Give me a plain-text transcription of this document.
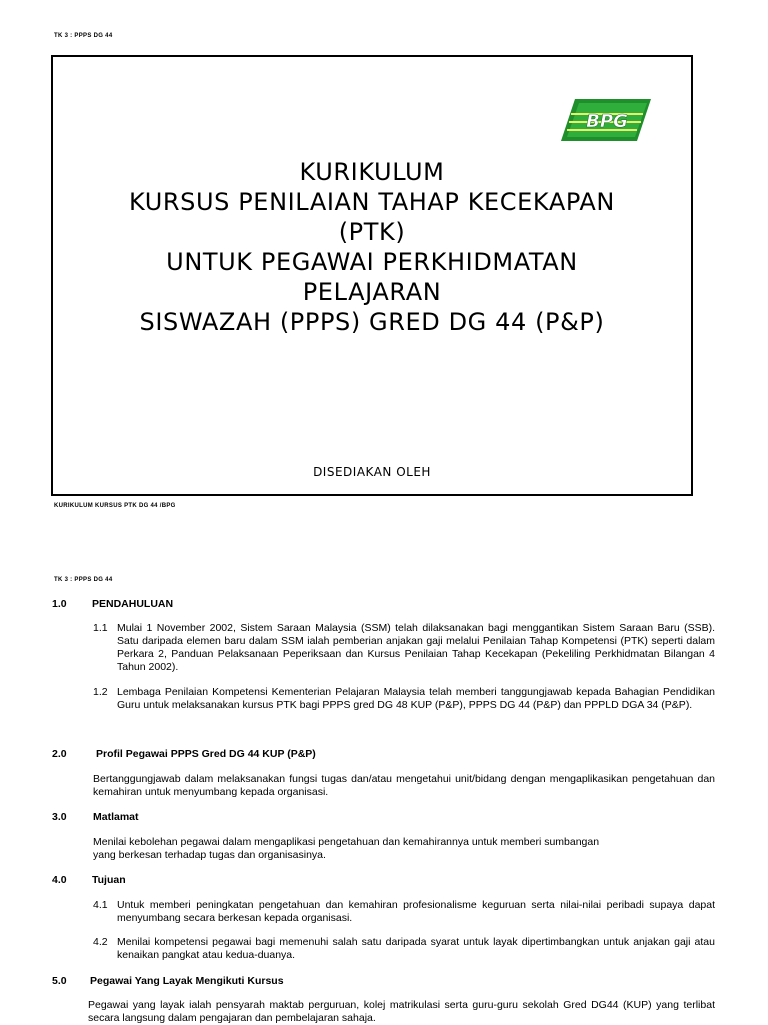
TK 3 : PPPS DG 44
BPG
KURIKULUM
KURSUS PENILAIAN TAHAP KECEKAPAN
(PTK)
UNTUK PEGAWAI PERKHIDMATAN
PELAJARAN
SISWAZAH (PPPS) GRED DG 44 (P&P)
DISEDIAKAN OLEH
KURIKULUM KURSUS PTK DG 44 /BPG
TK 3 : PPPS DG 44
1.0 PENDAHULUAN
1.1 Mulai 1 November 2002, Sistem Saraan Malaysia (SSM) telah dilaksanakan bagi menggantikan Sistem Saraan Baru (SSB). Satu daripada elemen baru dalam SSM ialah pemberian anjakan gaji melalui Penilaian Tahap Kompetensi (PTK) seperti dalam Perkara 2, Panduan Pelaksanaan Peperiksaan dan Kursus Penilaian Tahap Kecekapan (Pekeliling Perkhidmatan Bilangan 4 Tahun 2002).
1.2 Lembaga Penilaian Kompetensi Kementerian Pelajaran Malaysia telah memberi tanggungjawab kepada Bahagian Pendidikan Guru untuk melaksanakan kursus PTK bagi PPPS gred DG 48 KUP (P&P), PPPS DG 44 (P&P) dan PPPLD DGA 34 (P&P).
2.0	Profil Pegawai PPPS Gred DG 44 KUP (P&P)
Bertanggungjawab dalam melaksanakan fungsi tugas dan/atau mengetahui unit/bidang dengan mengaplikasikan pengetahuan dan kemahiran untuk menyumbang kepada organisasi.
3.0	Matlamat
Menilai kebolehan pegawai dalam mengaplikasi pengetahuan dan kemahirannya untuk memberi sumbangan
yang berkesan terhadap tugas dan organisasinya.
4.0 Tujuan
4.1 Untuk memberi peningkatan pengetahuan dan kemahiran profesionalisme keguruan serta nilai-nilai peribadi supaya dapat menyumbang secara berkesan kepada organisasi.
4.2 Menilai kompetensi pegawai bagi memenuhi salah satu daripada syarat untuk layak dipertimbangkan untuk anjakan gaji atau kenaikan pangkat atau kedua-duanya.
5.0 Pegawai Yang Layak Mengikuti Kursus
Pegawai yang layak ialah pensyarah maktab perguruan, kolej matrikulasi serta guru-guru sekolah Gred DG44 (KUP) yang terlibat secara langsung dalam pengajaran dan pembelajaran sahaja.
